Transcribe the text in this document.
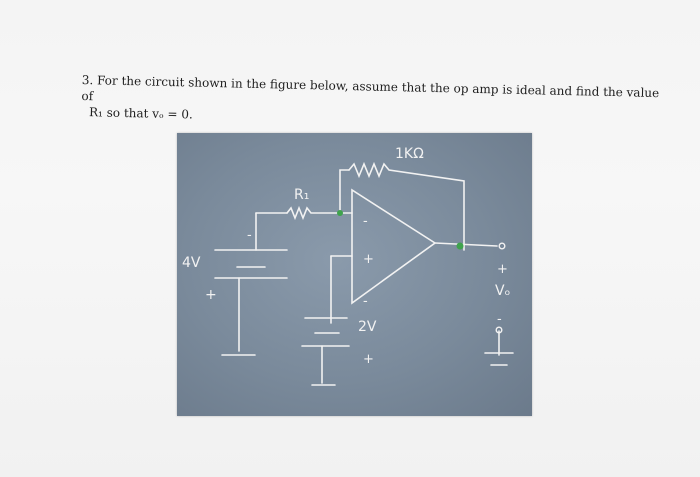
3. For the circuit shown in the figure below, assume that the op amp is ideal and find the value of
R₁ so that vₒ = 0.
1KΩ
R₁
4V
2V
Vₒ
-
+
-
+	-
+
+
-
